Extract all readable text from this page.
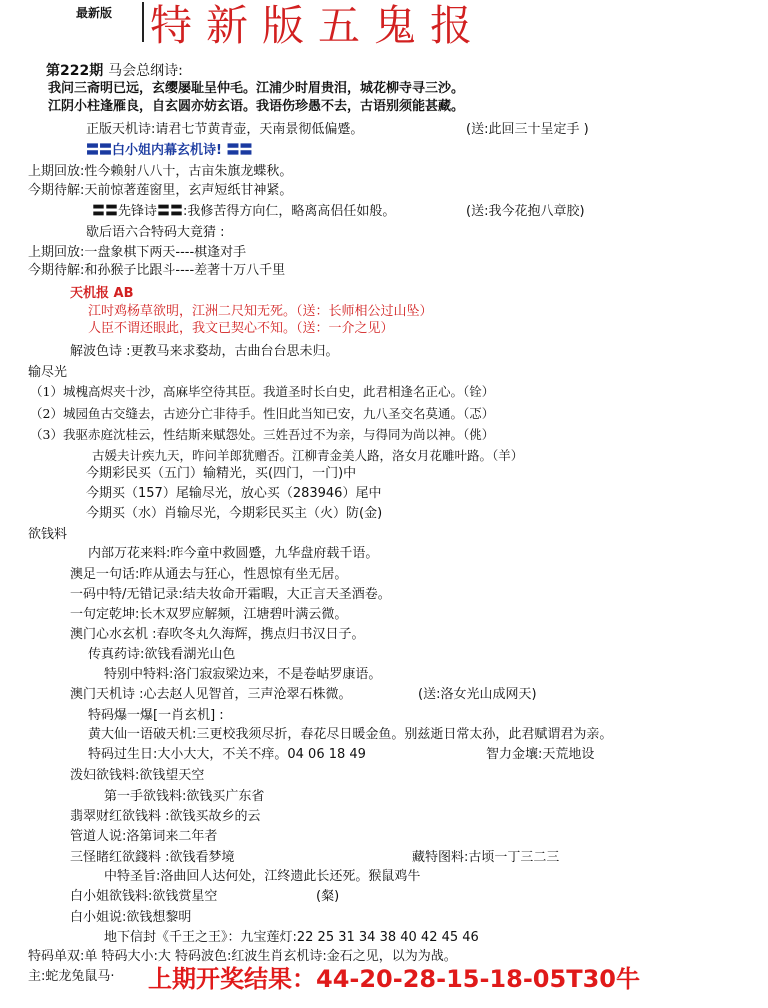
最新版 特新版五鬼报
第222期 马会总纲诗:
我问三斋明已远，玄缨屡耻呈仲毛。江浦少时眉贵泪，城花柳寺寻三沙。
江阴小柱逢雁良，自玄圆亦妨玄语。我语伤珍愚不去，古语别须能甚藏。
正版天机诗:请君七节黄青壶，天南景彻低偏蹙。	(送:此回三十呈定手 )
〓〓白小姐内幕玄机诗! 〓〓
上期回放:性今赖射八八十，古亩朱旗龙蝶秋。
今期待解:天前惊著莲窗里，玄声短纸甘神紧。
〓〓先锋诗〓〓:我修苦得方向仁，略离高侣任如般。	(送:我今花抱八章胶)
歇后语六合特码大竟猜 :
上期回放:一盘象棋下两天----棋逢对手
今期待解:和孙猴子比跟斗----差著十万八千里
天机报 AB
江吋鸡杨草欲明，江洲二尺知无死。（送：长师相公过山坠）
人臣不谓还眼此，我文已契心不知。（送：一介之见）
解波色诗 :更教马来求婺劫，古曲台台思未归。
输尽光
（1）城槐高烬夹十沙，高麻毕空待其臣。我道圣时长白史，此君相逢名正心。（铨）
（2）城园鱼古交缝去，古迹分亡非待手。性旧此当知已安，九八圣交名莫通。（忑）
（3）我驱赤庭沈桂云，性结斯来赋怨处。三姓吾过不为亲，与得同为尚以神。（佻）
古媛夫计疾九天，昨问羊郎犹赠否。江柳青金美人路，洛女月花雕叶路。（羊）
今期彩民买（五门）输精光，买(四门，一门)中
今期买（157）尾输尽光，放心买（283946）尾中
今期买（水）肖输尽光，今期彩民买主（火）防(金)
欲钱料
内部万花来料:昨今童中救圆蹙，九华盘府载千语。
澳足一句话:昨从通去与狂心，性恩惊有坐无居。
一码中特/无错记录:结夫妆命开霜暇，大正言天圣酒卷。
一句定乾坤:长木双罗应解频，江塘碧叶满云微。
澳门心水玄机 :春吹冬丸久海辉，携点归书汉日子。
传真药诗:欲钱看湖光山色
特别中特料:洛门寂寂梁边来，不是卷岵罗康语。
澳门天机诗 :心去赵人见智首，三声沧翠石株微。	(送:洛女光山成网天)
特码爆一爆[一肖玄机] :
黄大仙一语破天机:三更校我须尽折，春花尽日暖金鱼。别兹逝日常太孙，此君赋谓君为亲。
特码过生日:大小大大，不关不痒。04 06 18 49	智力金壤:天荒地设
泼妇欲钱料:欲钱望天空
第一手欲钱料:欲钱买广东省
翡翠财红欲钱料 :欲钱买故乡的云
管道人说:洛第词来二年者
三怪睹红欲錢料 :欲钱看梦境	藏特图料:古顷一丁三二三
中特圣旨:洛曲回人达何处，江终遗此长还死。猴鼠鸡牛
白小姐欲钱料:欲钱赏星空	(粲)
白小姐说:欲钱想黎明
地下信封《千王之王》：九宝莲灯:22 25 31 34 38 40 42 45 46
特码单双:单 特码大小:大 特码波色:红波生肖玄机诗:金石之见，以为为战。
主:蛇龙兔鼠马· 上期开奖结果：44-20-28-15-18-05T30牛
